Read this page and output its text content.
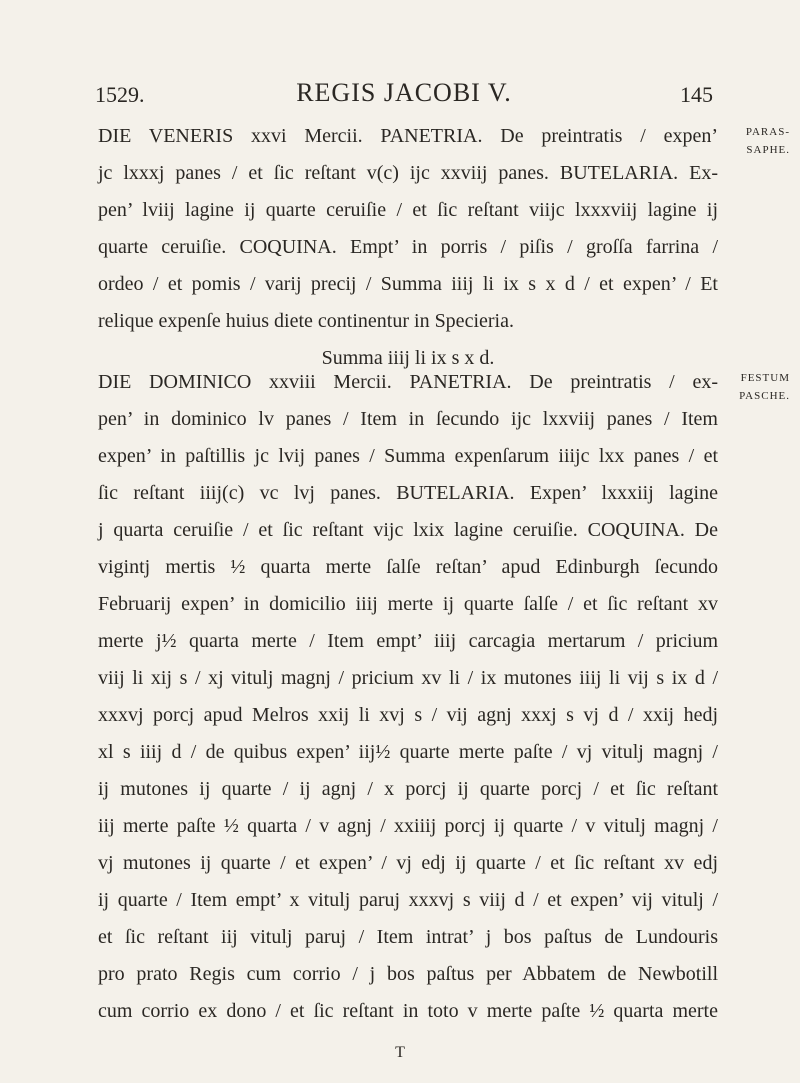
1529.	REGIS JACOBI V.	145
PARAS-
SAPHE.
DIE VENERIS xxvi Mercii. PANETRIA. De preintratis / expen’
jc lxxxj panes / et ſic reſtant v(c) ijc xxviij panes. BUTELARIA. Ex-
pen’ lviij lagine ij quarte ceruiſie / et ſic reſtant viijc lxxxviij lagine ij
quarte ceruiſie. COQUINA. Empt’ in porris / piſis / groſſa farrina /
ordeo / et pomis / varij precij / Summa iiij li ix s x d / et expen’ / Et
relique expenſe huius diete continentur in Specieria.
Summa iiij li ix s x d.
FESTUM
PASCHE.
DIE DOMINICO xxviii Mercii. PANETRIA. De preintratis / ex-
pen’ in dominico lv panes / Item in ſecundo ijc lxxviij panes / Item
expen’ in paſtillis jc lvij panes / Summa expenſarum iiijc lxx panes / et
ſic reſtant iiij(c) vc lvj panes. BUTELARIA. Expen’ lxxxiij lagine
j quarta ceruiſie / et ſic reſtant vijc lxix lagine ceruiſie. COQUINA. De
vigintj mertis ½ quarta merte ſalſe reſtan’ apud Edinburgh ſecundo
Februarij expen’ in domicilio iiij merte ij quarte ſalſe / et ſic reſtant xv
merte j½ quarta merte / Item empt’ iiij carcagia mertarum / pricium
viij li xij s / xj vitulj magnj / pricium xv li / ix mutones iiij li vij s ix d /
xxxvj porcj apud Melros xxij li xvj s / vij agnj xxxj s vj d / xxij hedj
xl s iiij d / de quibus expen’ iij½ quarte merte paſte / vj vitulj magnj /
ij mutones ij quarte / ij agnj / x porcj ij quarte porcj / et ſic reſtant
iij merte paſte ½ quarta / v agnj / xxiiij porcj ij quarte / v vitulj magnj /
vj mutones ij quarte / et expen’ / vj edj ij quarte / et ſic reſtant xv edj
ij quarte / Item empt’ x vitulj paruj xxxvj s viij d / et expen’ vij vitulj /
et ſic reſtant iij vitulj paruj / Item intrat’ j bos paſtus de Lundouris
pro prato Regis cum corrio / j bos paſtus per Abbatem de Newbotill
cum corrio ex dono / et ſic reſtant in toto v merte paſte ½ quarta merte
T
